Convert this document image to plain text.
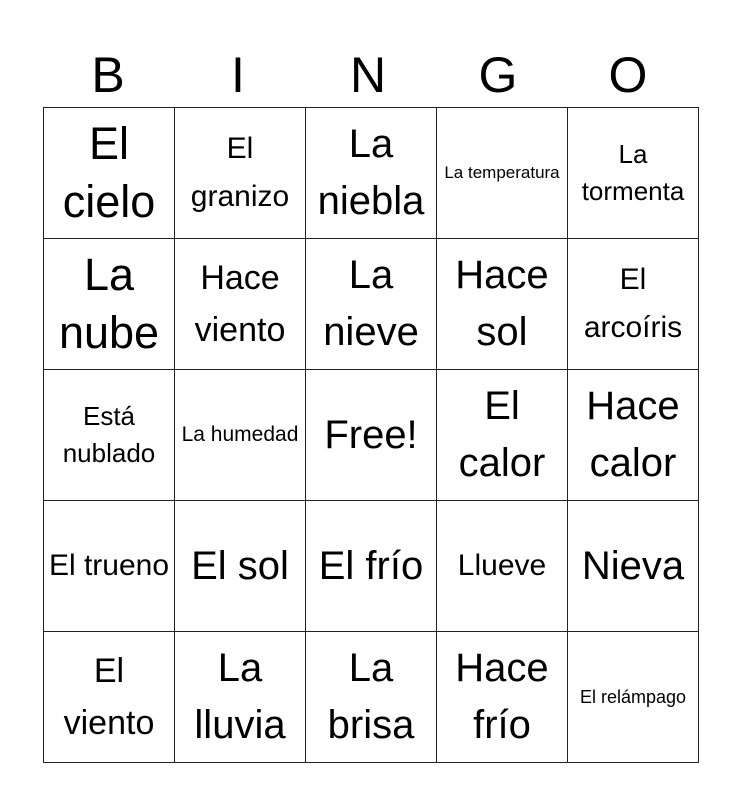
B	I	N	G	O
El cielo	El granizo	La niebla	La temperatura	La tormenta

La nube	Hace viento	La nieve	Hace sol	El arcoíris

Está nublado	La humedad	Free!	El calor	Hace calor

El trueno	El sol	El frío	Llueve	Nieva

El viento	La lluvia	La brisa	Hace frío	El relámpago
